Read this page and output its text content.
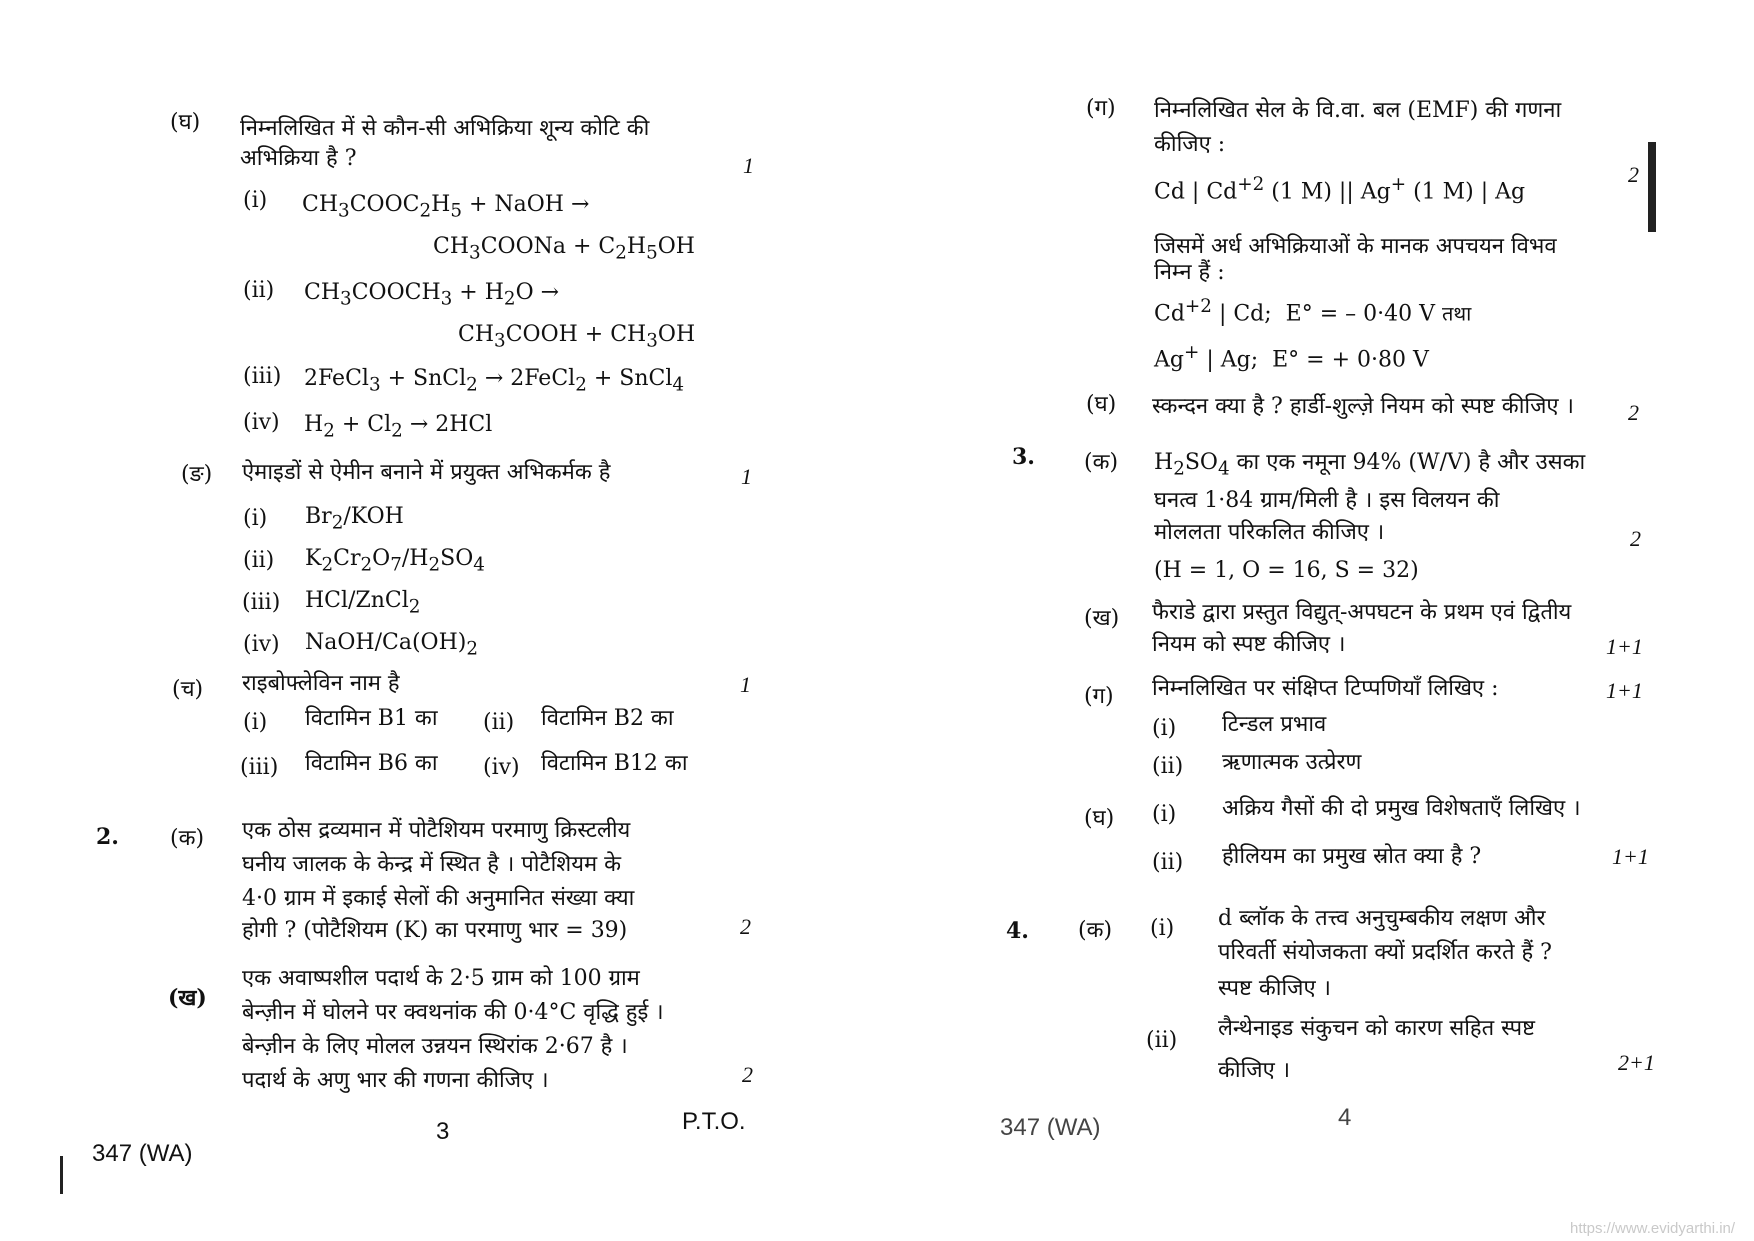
(घ) निम्नलिखित में से कौन-सी अभिक्रिया शून्य कोटि की
अभिक्रिया है ?	1
(i) $CH_3COOC_2H_5$ + NaOH →
$CH_3COONa + C_2H_5OH$
(ii) $CH_3COOCH_3 + H_2O$ →
$CH_3COOH + CH_3OH$
(iii) 2FeCl$_3$ + SnCl$_2$ → 2FeCl$_2$ + SnCl$_4$
(iv) $H_2 + Cl_2 \to 2HCl$
(ङ) ऐमाइडों से ऐमीन बनाने में प्रयुक्त अभिकर्मक है	1
(i) $Br_2$/KOH
(ii) $K_2Cr_2O_7/H_2SO_4$
(iii) HCl/ZnCl$_2$
(iv) NaOH/$Ca(OH)_2$
(च) राइबोफ्लेविन नाम है	1
(i) विटामिन B1 का (ii) विटामिन B2 का
(iii) विटामिन B6 का (iv) विटामिन B12 का
2. (क) एक ठोस द्रव्यमान में पोटैशियम परमाणु क्रिस्टलीय
घनीय जालक के केन्द्र में स्थित है । पोटैशियम के
4·0 ग्राम में इकाई सेलों की अनुमानित संख्या क्या
होगी ? (पोटैशियम (K) का परमाणु भार = 39)	2
(ख)
एक अवाष्पशील पदार्थ के 2·5 ग्राम को 100 ग्राम
बेन्ज़ीन में घोलने पर क्वथनांक की 0·4°C वृद्धि हुई ।
बेन्ज़ीन के लिए मोलल उन्नयन स्थिरांक 2·67 है ।
पदार्थ के अणु भार की गणना कीजिए ।	2
3	P.T.O.
347 (WA)
(ग) निम्नलिखित सेल के वि.वा. बल (EMF) की गणना
कीजिए :
2
Cd | $Cd^{+2}$ (1 M) || Ag+ (1 M) | Ag
जिसमें अर्ध अभिक्रियाओं के मानक अपचयन विभव
निम्न हैं :
$Cd^{+2}$ | Cd;  E° = – 0·40 V तथा
Ag+ | Ag;  E° = + 0·80 V
(घ) स्कन्दन क्या है ? हार्डी-शुल्ज़े नियम को स्पष्ट कीजिए । 2
3. (क) $H_2SO_4$ का एक नमूना 94% (W/V) है और उसका
घनत्व 1·84 ग्राम/मिली है । इस विलयन की
मोललता परिकलित कीजिए ।	2
(H = 1, O = 16, S = 32)
(ख) फैराडे द्वारा प्रस्तुत विद्युत्-अपघटन के प्रथम एवं द्वितीय
नियम को स्पष्ट कीजिए ।	1+1
(ग) निम्नलिखित पर संक्षिप्त टिप्पणियाँ लिखिए :	1+1
(i) टिन्डल प्रभाव
(ii) ऋणात्मक उत्प्रेरण
(घ) (i) अक्रिय गैसों की दो प्रमुख विशेषताएँ लिखिए ।
(ii) हीलियम का प्रमुख स्रोत क्या है ?	1+1
4. (क) (i) d ब्लॉक के तत्त्व अनुचुम्बकीय लक्षण और
परिवर्ती संयोजकता क्यों प्रदर्शित करते हैं ?
स्पष्ट कीजिए ।
(ii) लैन्थेनाइड संकुचन को कारण सहित स्पष्ट
कीजिए ।	2+1
347 (WA)	4
https://www.evidyarthi.in/
